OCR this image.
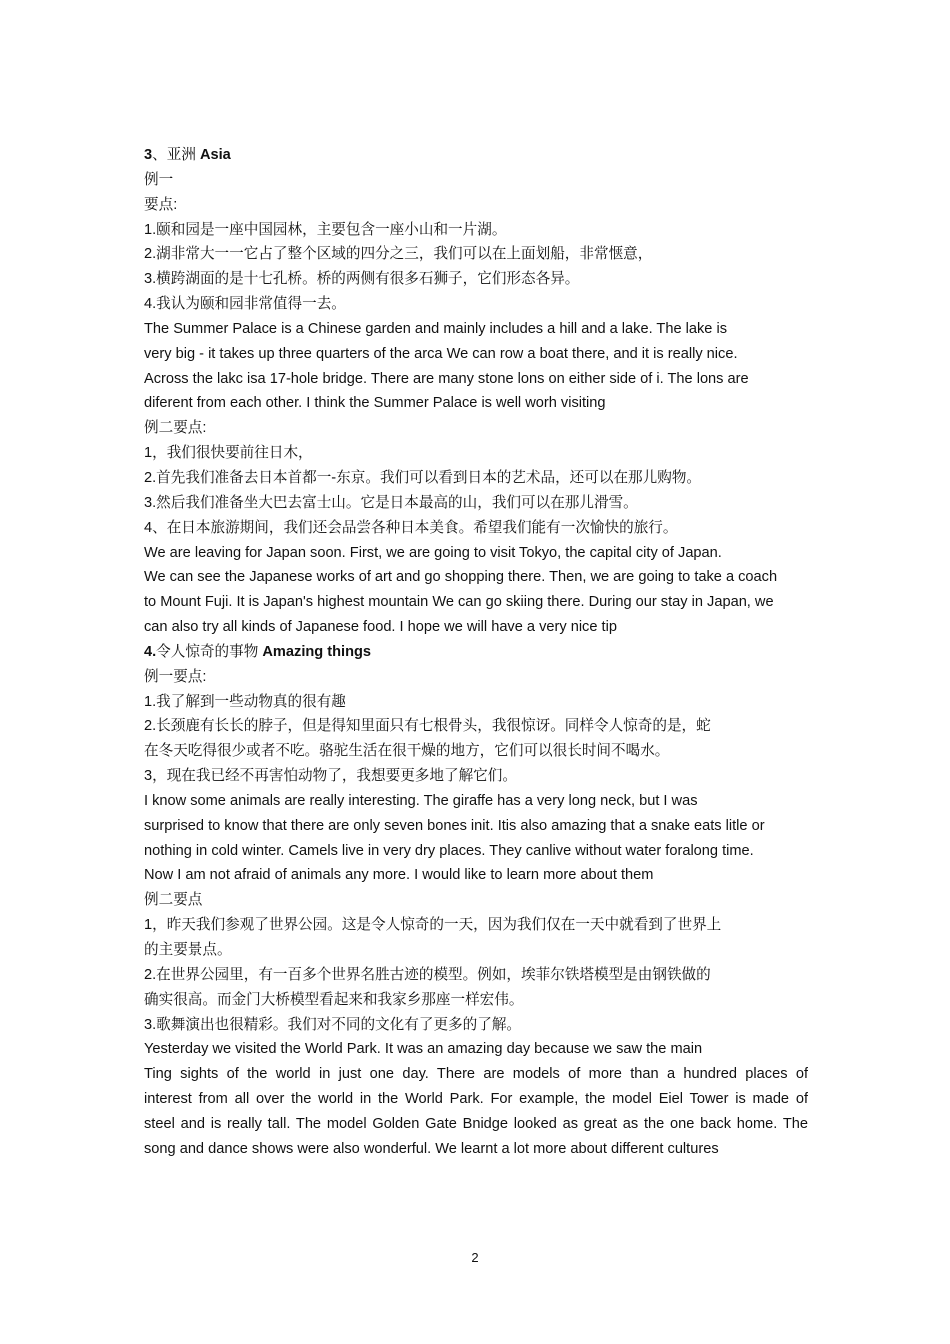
3、亚洲 Asia
例一
要点:
1.颐和园是一座中国园林，主要包含一座小山和一片湖。
2.湖非常大一一它占了整个区域的四分之三，我们可以在上面划船，非常惬意，
3.横跨湖面的是十七孔桥。桥的两侧有很多石狮子，它们形态各异。
4.我认为颐和园非常值得一去。
The Summer Palace is a Chinese garden and mainly includes a hill and a lake. The lake is
very big - it takes up three quarters of the arca We can row a boat there, and it is really nice.
Across the lakc isa 17-hole bridge. There are many stone lons on either side of i. The lons are
diferent from each other. I think the Summer Palace is well worh visiting
例二要点:
1，我们很快要前往日木，
2.首先我们准备去日本首都一-东京。我们可以看到日本的艺术品，还可以在那儿购物。
3.然后我们准备坐大巴去富士山。它是日本最高的山，我们可以在那儿滑雪。
4、在日本旅游期间，我们还会品尝各种日本美食。希望我们能有一次愉快的旅行。
We are leaving for Japan soon. First, we are going to visit Tokyo, the capital city of Japan.
We can see the Japanese works of art and go shopping there. Then, we are going to take a coach
to Mount Fuji. It is Japan's highest mountain We can go skiing there. During our stay in Japan, we
can also try all kinds of Japanese food. I hope we will have a very nice tip
4.令人惊奇的事物 Amazing things
例一要点:
1.我了解到一些动物真的很有趣
2.长颈鹿有长长的脖子，但是得知里面只有七根骨头，我很惊讶。同样令人惊奇的是，蛇
在冬天吃得很少或者不吃。骆驼生活在很干燥的地方，它们可以很长时间不喝水。
3，现在我已经不再害怕动物了，我想要更多地了解它们。
I know some animals are really interesting. The giraffe has a very long neck, but I was
surprised to know that there are only seven bones init. Itis also amazing that a snake eats litle or
nothing in cold winter. Camels live in very dry places. They canlive without water foralong time.
Now I am not afraid of animals any more. I would like to learn more about them
例二要点
1，昨天我们参观了世界公园。这是令人惊奇的一天，因为我们仅在一天中就看到了世界上
的主要景点。
2.在世界公园里，有一百多个世界名胜古迹的模型。例如，埃菲尔铁塔模型是由钢铁做的
确实很高。而金门大桥模型看起来和我家乡那座一样宏伟。
3.歌舞演出也很精彩。我们对不同的文化有了更多的了解。
Yesterday we visited the World Park. It was an amazing day because we saw the main
Ting sights of the world in just one day. There are models of more than a hundred places of
interest from all over the world in the World Park. For example, the model Eiel Tower is made of
steel and is really tall. The model Golden Gate Bnidge looked as great as the one back home. The
song and dance shows were also wonderful. We learnt a lot more about different cultures
2
